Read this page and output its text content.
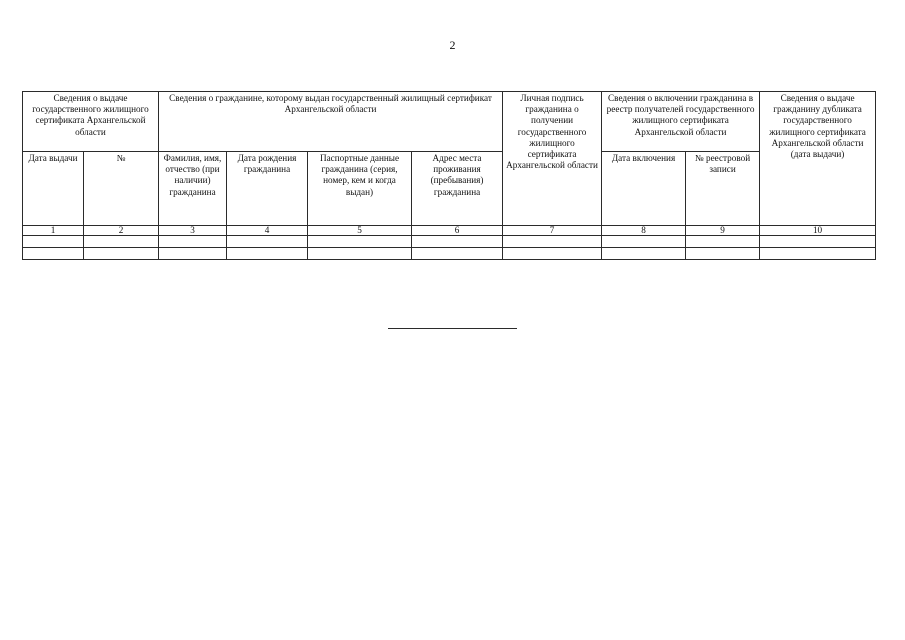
2
Сведения о выдаче государственного жилищного сертификата Архангельской области		Сведения о гражданине, которому выдан государственный жилищный сертификат Архангельской области				Личная подпись гражданина о получении государственного жилищного сертификата Архангельской области	Сведения о включении гражданина в реестр получателей государственного жилищного сертификата Архангельской области		Сведения о выдаче гражданину дубликата государственного жилищного сертификата Архангельской области (дата выдачи)
Дата выдачи	№	Фамилия, имя, отчество (при наличии) гражданина	Дата рождения гражданина	Паспортные данные гражданина (серия, номер, кем и когда выдан)	Адрес места проживания (пребывания) гражданина		Дата включения	№ реестровой записи	
1	2	3	4	5	6	7	8	9	10
